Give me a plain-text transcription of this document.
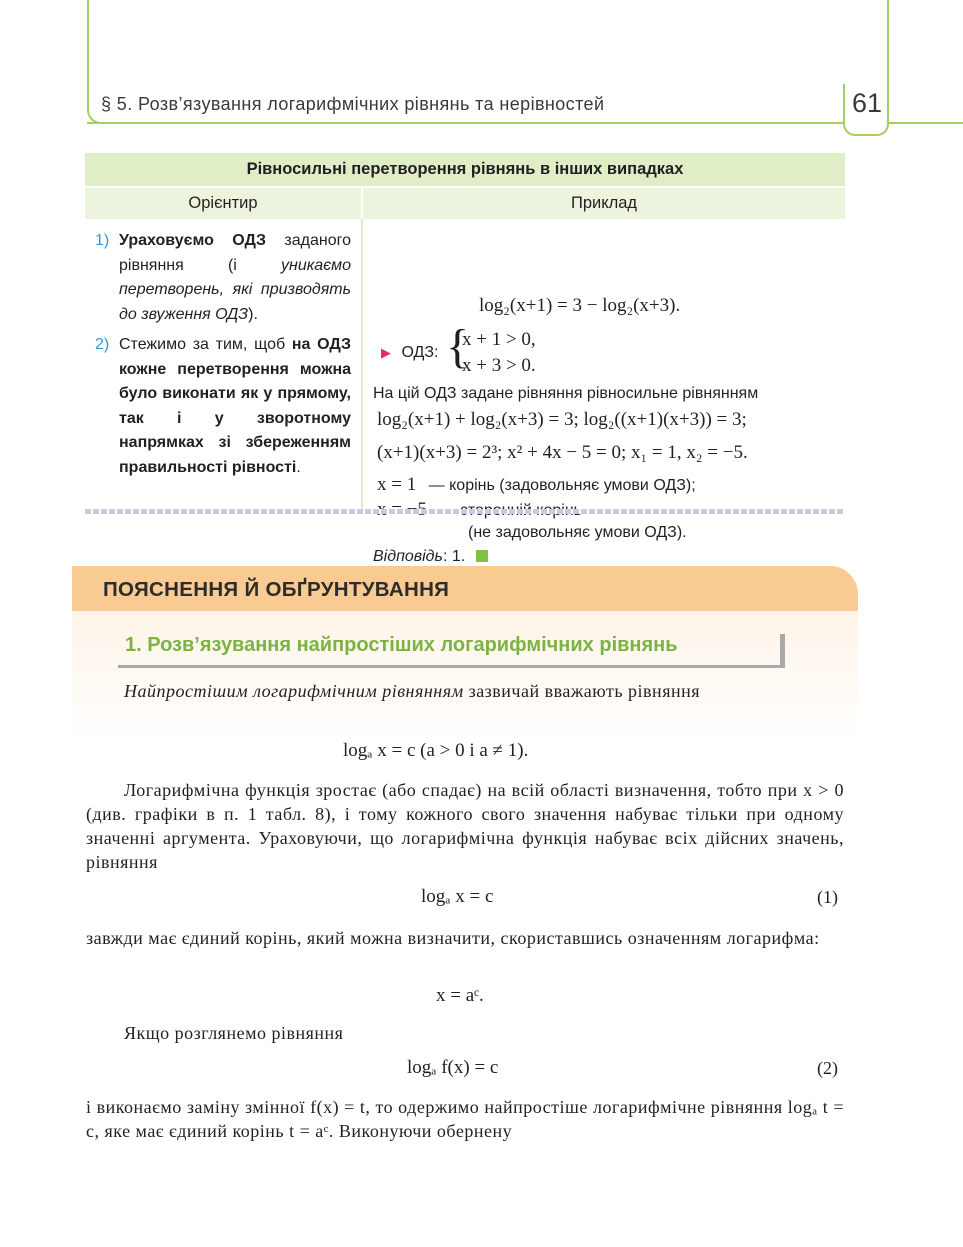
§ 5. Розв’язування логарифмічних рівнянь та нерівностей	61
Рівносильні перетворення рівнянь в інших випадках
Орієнтир	Приклад
1) Ураховуємо ОДЗ заданого рівняння (і уникаємо перетворень, які призводять до звуження ОДЗ).
2) Стежимо за тим, щоб на ОДЗ кожне перетворення можна було виконати як у прямому, так і у зворотному напрямках зі збереженням правильності рівності.
log₂(x+1) = 3 − log₂(x+3).
▶ ОДЗ: {
x + 1 > 0,
x + 3 > 0.
На цій ОДЗ задане рівняння рівносильне рівнянням
log₂(x+1) + log₂(x+3) = 3; log₂((x+1)(x+3)) = 3;
(x+1)(x+3) = 2³; x² + 4x − 5 = 0; x₁ = 1, x₂ = −5.
x = 1 — корінь (задовольняє умови ОДЗ);
(не задовольняє умови ОДЗ).
Відповідь: 1.
ПОЯСНЕННЯ Й ОБҐРУНТУВАННЯ
1. Розв’язування найпростіших логарифмічних рівнянь
Найпростішим логарифмічним рівнянням зазвичай вважають рівняння
logₐ x = c (a > 0 і a ≠ 1).
Логарифмічна функція зростає (або спадає) на всій області визначення, тобто при x > 0 (див. графіки в п. 1 табл. 8), і тому кожного свого значення набуває тільки при одному значенні аргумента. Ураховуючи, що логарифмічна функція набуває всіх дійсних значень, рівняння
logₐ x = c	(1)
завжди має єдиний корінь, який можна визначити, скориставшись означенням логарифма:
x = aᶜ.
Якщо розглянемо рівняння
logₐ f(x) = c	(2)
і виконаємо заміну змінної f(x) = t, то одержимо найпростіше логарифмічне рівняння logₐ t = c, яке має єдиний корінь t = aᶜ. Виконуючи обернену
